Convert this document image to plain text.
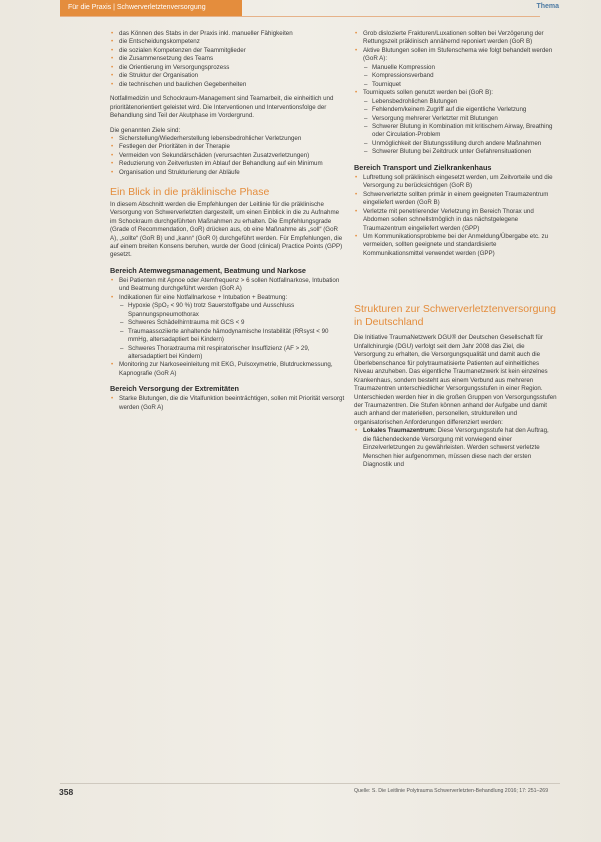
Für die Praxis | Schwerverletztenversorgung	Thema
• das Können des Stabs in der Praxis inkl. manueller Fähigkeiten
• die Entscheidungskompetenz
• die sozialen Kompetenzen der Teammitglieder
• die Zusammensetzung des Teams
• die Orientierung im Versorgungsprozess
• die Struktur der Organisation
• die technischen und baulichen Gegebenheiten

Notfallmedizin und Schockraum-Management sind Teamarbeit, die einheitlich und prioritätenorientiert geleistet wird. Die Interventionen und Interventionsfolge der Behandlung sind Teil der Akutphase im Vordergrund.

Die genannten Ziele sind:

• Sicherstellung/Wiederherstellung lebensbedrohlicher Verletzungen
• Festlegen der Prioritäten in der Therapie
• Vermeiden von Sekundärschäden (verursachten Zusatzverletzungen)
• Reduzierung von Zeitverlusten im Ablauf der Behandlung auf ein Minimum
• Organisation und Strukturierung der Abläufe
Ein Blick in die präklinische Phase

In diesem Abschnitt werden die Empfehlungen der Leitlinie für die präklinische Versorgung von Schwerverletzten dargestellt, um einen Einblick in die zu Aufnahme im Schockraum durchgeführten Maßnahmen zu erhalten. Die Empfehlungsgrade (Grade of Recommendation, GoR) drücken aus, ob eine Maßnahme als „soll“ (GoR A), „sollte“ (GoR B) und „kann“ (GoR 0) durchgeführt werden. Für Empfehlungen, die auf einem breiten Konsens beruhen, wurde der Good (clinical) Practice Points (GPP) gesetzt.

Bereich Atemwegsmanagement, Beatmung und Narkose
• Bei Patienten mit Apnoe oder Atemfrequenz > 6 sollen Notfallnarkose, Intubation und Beatmung durchgeführt werden (GoR A)
• Indikationen für eine Notfallnarkose + Intubation + Beatmung:
– Hypoxie (SpO₂ < 90 %) trotz Sauerstoffgabe und Ausschluss Spannungspneumothorax
– Schweres Schädelhirntrauma mit GCS < 9
– Traumaassoziierte anhaltende hämodynamische Instabilität (RRsyst < 90 mmHg, altersadaptiert bei Kindern)
– Schweres Thoraxtrauma mit respiratorischer Insuffizienz (AF > 29, altersadaptiert bei Kindern)
• Monitoring zur Narkoseeinleitung mit EKG, Pulsoxymetrie, Blutdruckmessung, Kapnografie (GoR A)
Bereich Versorgung der Extremitäten
• Starke Blutungen, die die Vitalfunktion beeinträchtigen, sollen mit Priorität versorgt werden (GoR A)
• Grob dislozierte Frakturen/Luxationen sollten bei Verzögerung der Rettungszeit präklinisch annähernd reponiert werden (GoR B)
• Aktive Blutungen sollen im Stufenschema wie folgt behandelt werden (GoR A):
– Manuelle Kompression
– Kompressionsverband
– Tourniquet
• Tourniquets sollen genutzt werden bei (GoR B):
– Lebensbedrohlichen Blutungen
– Fehlendem/keinem Zugriff auf die eigentliche Verletzung
– Versorgung mehrerer Verletzter mit Blutungen
– Schwerer Blutung in Kombination mit kritischem Airway, Breathing oder Circulation-Problem
– Unmöglichkeit der Blutungsstillung durch andere Maßnahmen
– Schwerer Blutung bei Zeitdruck unter Gefahrensituationen
Bereich Transport und Zielkrankenhaus
• Luftrettung soll präklinisch eingesetzt werden, um Zeitvorteile und die Versorgung zu berücksichtigen (GoR B)
• Schwerverletzte sollten primär in einem geeigneten Traumazentrum eingeliefert werden (GoR B)
• Verletzte mit penetrierender Verletzung im Bereich Thorax und Abdomen sollen schnellstmöglich in das nächstgelegene Traumazentrum eingeliefert werden (GPP)
• Um Kommunikationsprobleme bei der Anmeldung/Übergabe etc. zu vermeiden, sollten geeignete und standardisierte Kommunikationsmittel verwendet werden (GPP)
Strukturen zur Schwerverletztenversorgung in Deutschland

Die Initiative TraumaNetzwerk DGU® der Deutschen Gesellschaft für Unfallchirurgie (DGU) verfolgt seit dem Jahr 2008 das Ziel, die Versorgung zu erhalten, die Versorgungsqualität und damit auch die Überlebenschance für polytraumatisierte Patienten auf einheitliches Niveau anzuheben. Das eigentliche Traumanetzwerk ist kein einzelnes Krankenhaus, sondern besteht aus einem Verbund aus mehreren Traumazentren unterschiedlicher Versorgungsstufen in einer Region. Unterschieden werden hier in die großen Gruppen von Versorgungsstufen der Traumazentren. Die Stufen können anhand der Aufgabe und damit auch anhand der materiellen, personellen, strukturellen und organisatorischen Anforderungen differenziert werden:

• Lokales Traumazentrum: Diese Versorgungsstufe hat den Auftrag, die flächendeckende Versorgung mit vorwiegend einer Einzelverletzungen zu gewährleisten. Werden schwerst verletzte Menschen hier aufgenommen, müssen diese nach der ersten Diagnostik und
358	Quelle: S. Die Leitlinie Polytrauma Schwerverletzten-Behandlung 2016; 17: 251–269
